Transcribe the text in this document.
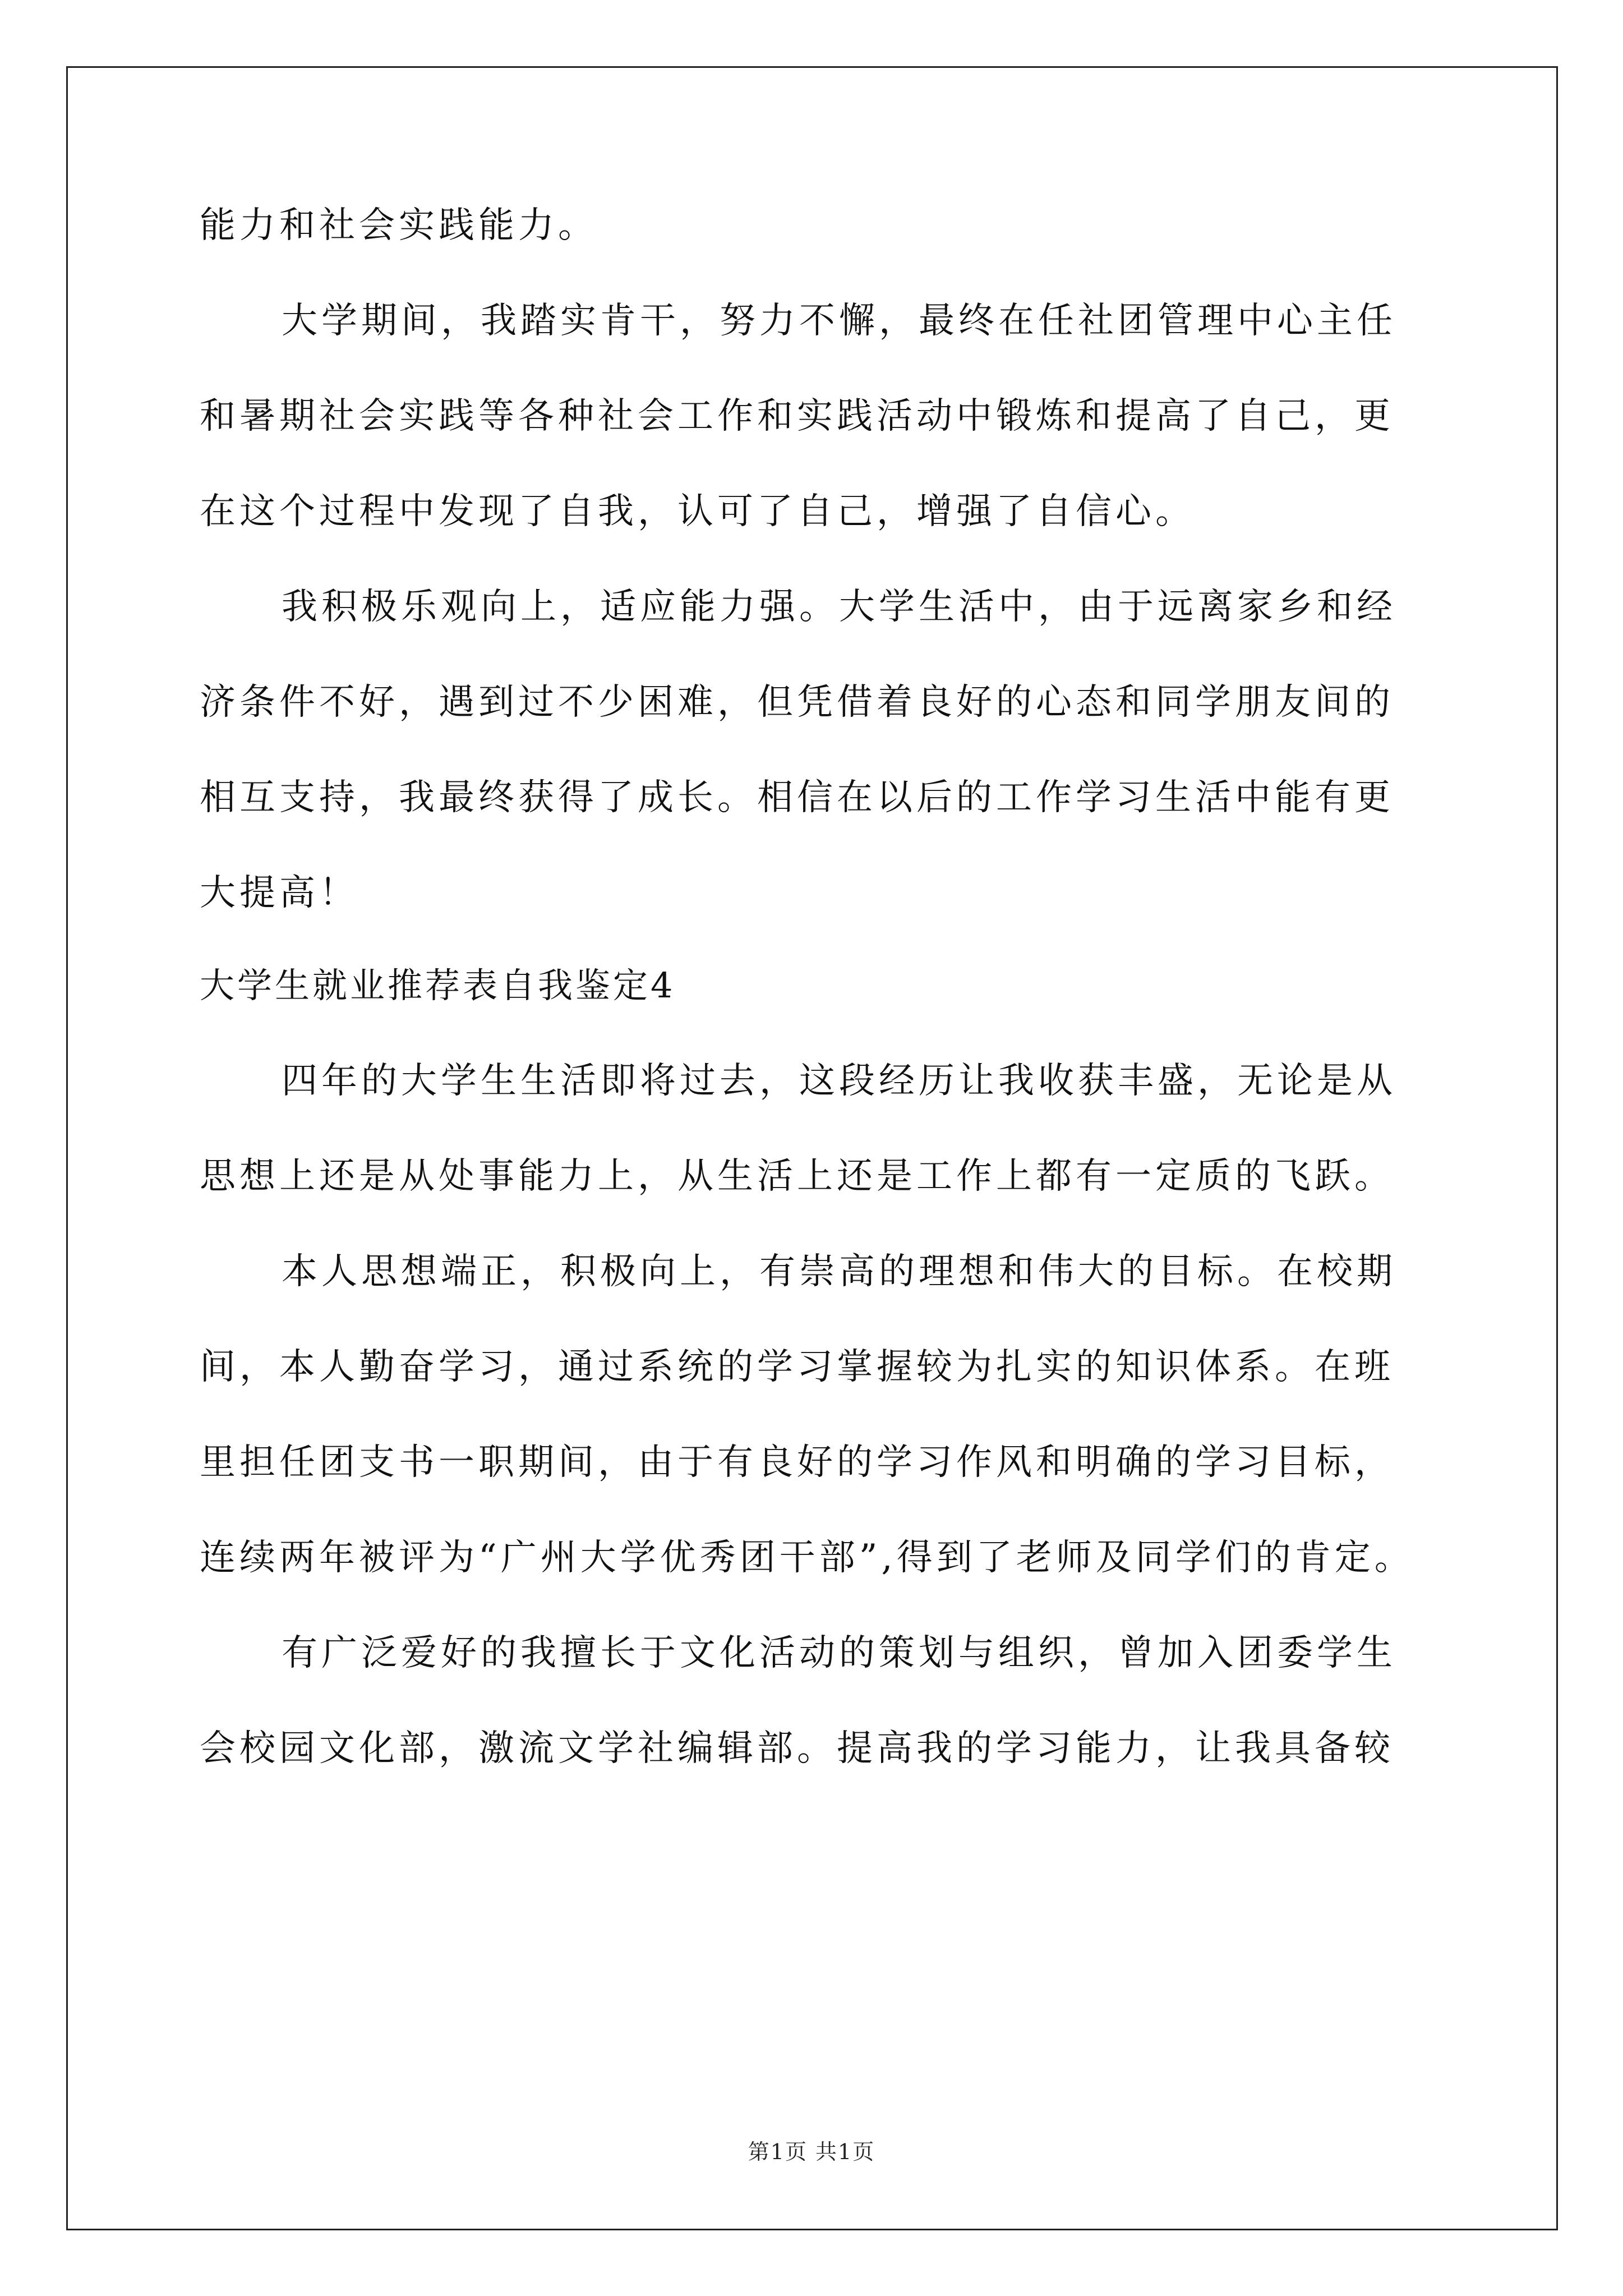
能力和社会实践能力。
大学期间，我踏实肯干，努力不懈，最终在任社团管理中心主任
和暑期社会实践等各种社会工作和实践活动中锻炼和提高了自己，更
在这个过程中发现了自我，认可了自己，增强了自信心。
我积极乐观向上，适应能力强。大学生活中，由于远离家乡和经
济条件不好，遇到过不少困难，但凭借着良好的心态和同学朋友间的
相互支持，我最终获得了成长。相信在以后的工作学习生活中能有更
大提高！
大学生就业推荐表自我鉴定4
四年的大学生生活即将过去，这段经历让我收获丰盛，无论是从
思想上还是从处事能力上，从生活上还是工作上都有一定质的飞跃。
本人思想端正，积极向上，有崇高的理想和伟大的目标。在校期
间，本人勤奋学习，通过系统的学习掌握较为扎实的知识体系。在班
里担任团支书一职期间，由于有良好的学习作风和明确的学习目标，
连续两年被评为“广州大学优秀团干部”,得到了老师及同学们的肯定。
有广泛爱好的我擅长于文化活动的策划与组织，曾加入团委学生
会校园文化部，激流文学社编辑部。提高我的学习能力，让我具备较
第1页 共1页
